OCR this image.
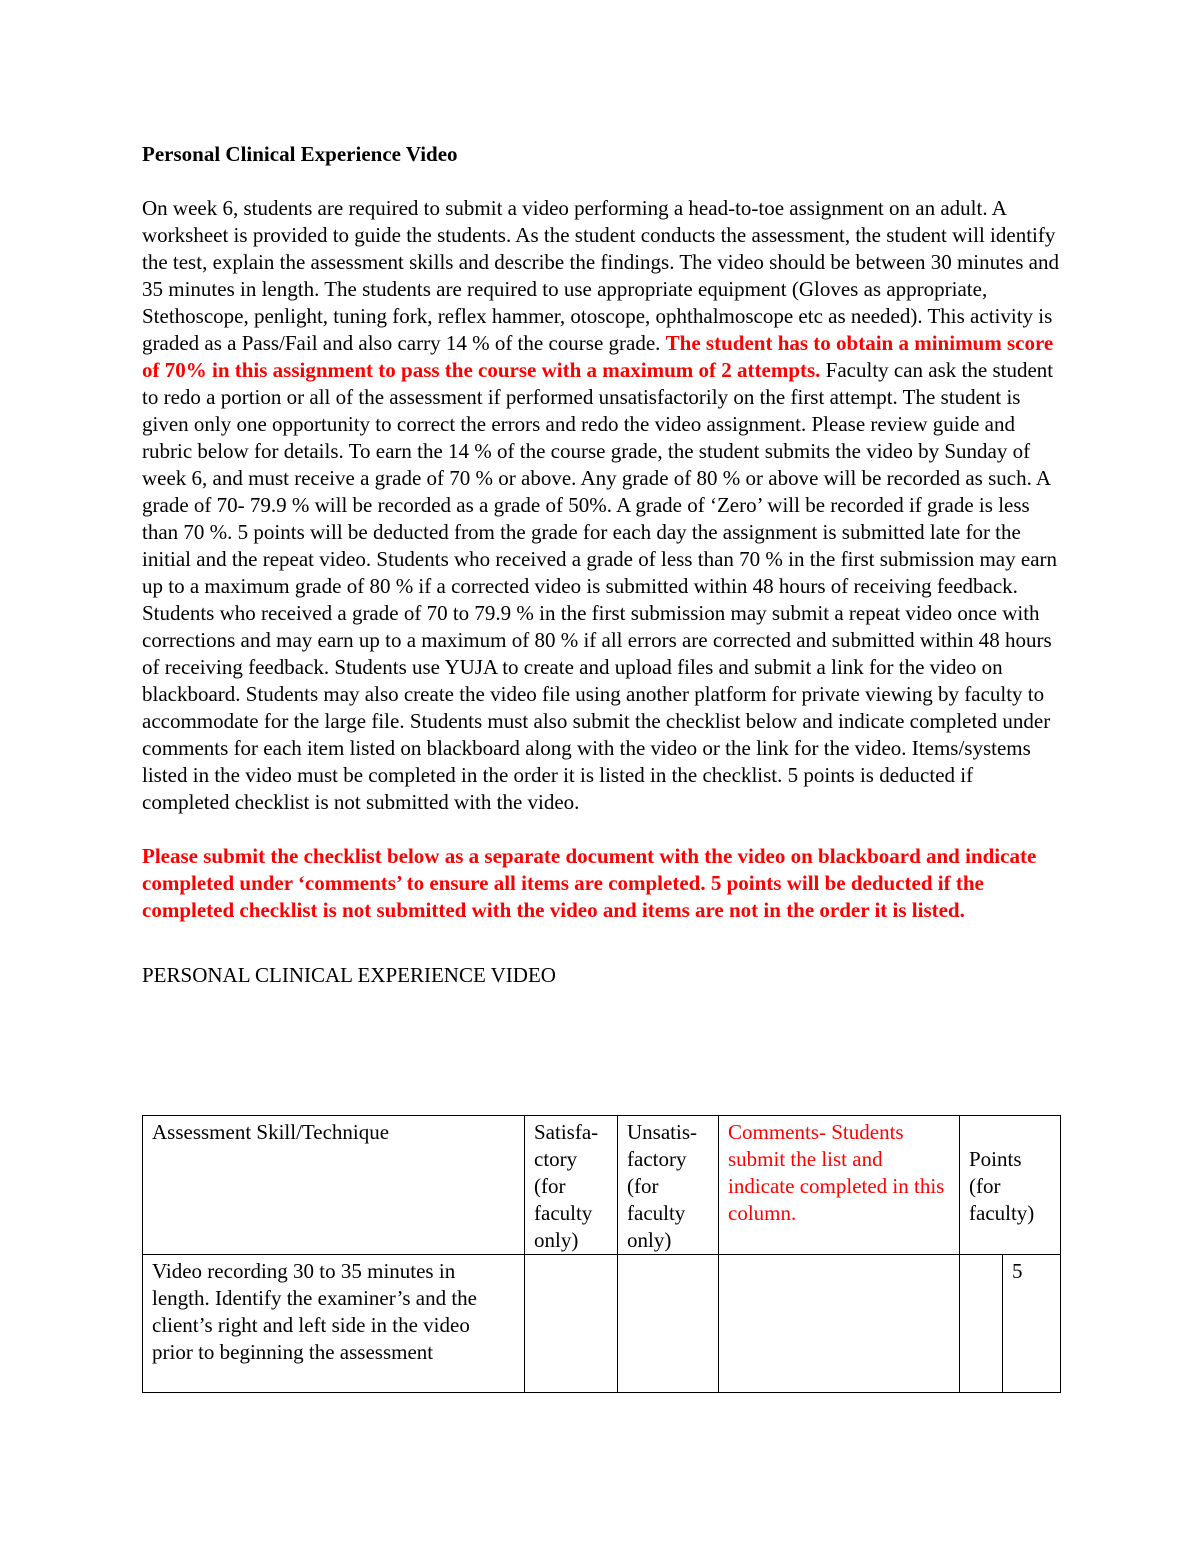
Personal Clinical Experience Video

On week 6, students are required to submit a video performing a head-to-toe assignment on an adult. A worksheet is provided to guide the students. As the student conducts the assessment, the student will identify the test, explain the assessment skills and describe the findings. The video should be between 30 minutes and 35 minutes in length. The students are required to use appropriate equipment (Gloves as appropriate, Stethoscope, penlight, tuning fork, reflex hammer, otoscope, ophthalmoscope etc as needed). This activity is graded as a Pass/Fail and also carry 14 % of the course grade. The student has to obtain a minimum score of 70% in this assignment to pass the course with a maximum of 2 attempts. Faculty can ask the student to redo a portion or all of the assessment if performed unsatisfactorily on the first attempt. The student is given only one opportunity to correct the errors and redo the video assignment. Please review guide and rubric below for details. To earn the 14 % of the course grade, the student submits the video by Sunday of week 6, and must receive a grade of 70 % or above. Any grade of 80 % or above will be recorded as such. A grade of 70- 79.9 % will be recorded as a grade of 50%. A grade of ‘Zero’ will be recorded if grade is less than 70 %. 5 points will be deducted from the grade for each day the assignment is submitted late for the initial and the repeat video. Students who received a grade of less than 70 % in the first submission may earn up to a maximum grade of 80 % if a corrected video is submitted within 48 hours of receiving feedback. Students who received a grade of 70 to 79.9 % in the first submission may submit a repeat video once with corrections and may earn up to a maximum of 80 % if all errors are corrected and submitted within 48 hours of receiving feedback. Students use YUJA to create and upload files and submit a link for the video on blackboard. Students may also create the video file using another platform for private viewing by faculty to accommodate for the large file. Students must also submit the checklist below and indicate completed under comments for each item listed on blackboard along with the video or the link for the video. Items/systems listed in the video must be completed in the order it is listed in the checklist. 5 points is deducted if completed checklist is not submitted with the video.

Please submit the checklist below as a separate document with the video on blackboard and indicate completed under ‘comments’ to ensure all items are completed. 5 points will be deducted if the completed checklist is not submitted with the video and items are not in the order it is listed.

PERSONAL CLINICAL EXPERIENCE VIDEO

Assessment Skill/Technique	Satisfa-ctory (for faculty only)	Unsatis-factory (for faculty only)	Comments- Students submit the list and indicate completed in this column.	Points (for faculty)	
Video recording 30 to 35 minutes in length. Identify the examiner’s and the client’s right and left side in the video prior to beginning the assessment					5
